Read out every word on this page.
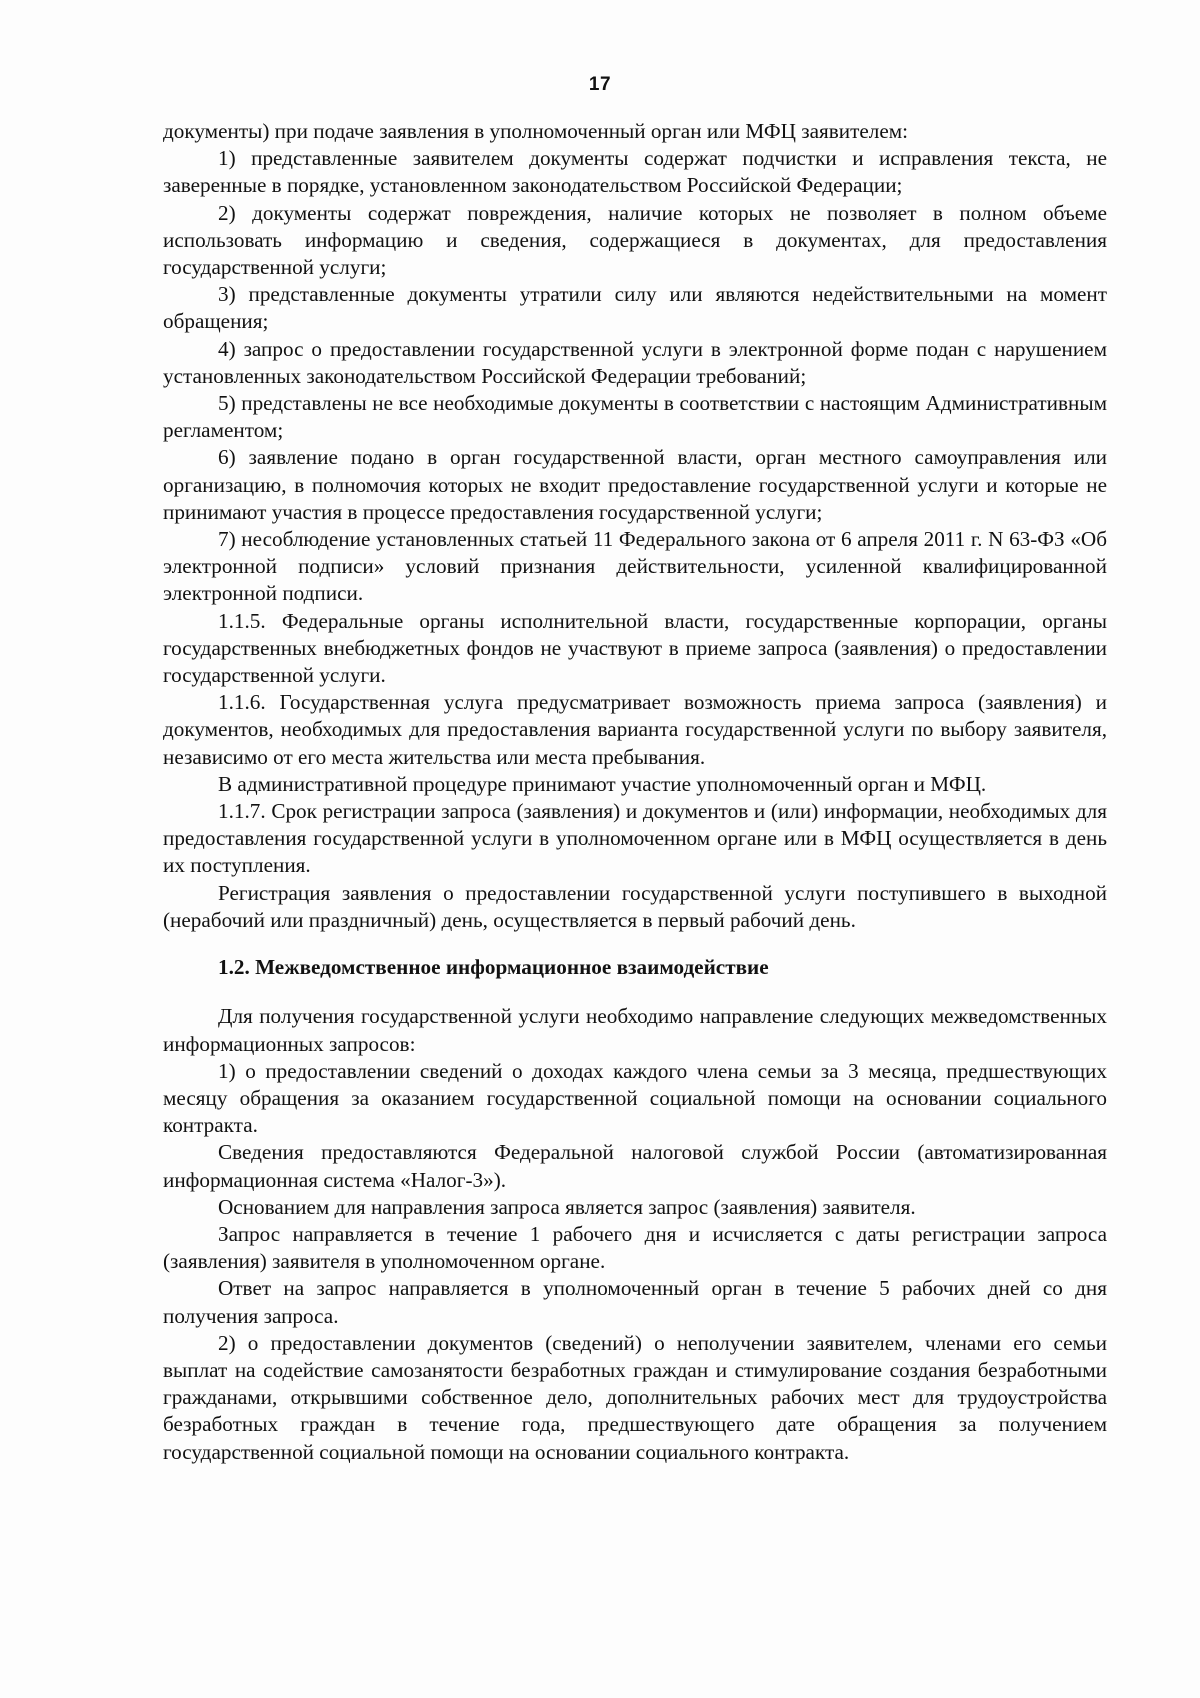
17

документы) при подаче заявления в уполномоченный орган или МФЦ заявителем:

1) представленные заявителем документы содержат подчистки и исправления текста, не заверенные в порядке, установленном законодательством Российской Федерации;

2) документы содержат повреждения, наличие которых не позволяет в полном объеме использовать информацию и сведения, содержащиеся в документах, для предоставления государственной услуги;

3) представленные документы утратили силу или являются недействительными на момент обращения;

4) запрос о предоставлении государственной услуги в электронной форме подан с нарушением установленных законодательством Российской Федерации требований;

5) представлены не все необходимые документы в соответствии с настоящим Административным регламентом;

6) заявление подано в орган государственной власти, орган местного самоуправления или организацию, в полномочия которых не входит предоставление государственной услуги и которые не принимают участия в процессе предоставления государственной услуги;

7) несоблюдение установленных статьей 11 Федерального закона от 6 апреля 2011 г. N 63-ФЗ «Об электронной подписи» условий признания действительности, усиленной квалифицированной электронной подписи.

1.1.5. Федеральные органы исполнительной власти, государственные корпорации, органы государственных внебюджетных фондов не участвуют в приеме запроса (заявления) о предоставлении государственной услуги.

1.1.6. Государственная услуга предусматривает возможность приема запроса (заявления) и документов, необходимых для предоставления варианта государственной услуги по выбору заявителя, независимо от его места жительства или места пребывания.

В административной процедуре принимают участие уполномоченный орган и МФЦ.

1.1.7. Срок регистрации запроса (заявления) и документов и (или) информации, необходимых для предоставления государственной услуги в уполномоченном органе или в МФЦ осуществляется в день их поступления.

Регистрация заявления о предоставлении государственной услуги поступившего в выходной (нерабочий или праздничный) день, осуществляется в первый рабочий день.

1.2. Межведомственное информационное взаимодействие

Для получения государственной услуги необходимо направление следующих межведомственных информационных запросов:

1) о предоставлении сведений о доходах каждого члена семьи за 3 месяца, предшествующих месяцу обращения за оказанием государственной социальной помощи на основании социального контракта.

Сведения предоставляются Федеральной налоговой службой России (автоматизированная информационная система «Налог-3»).

Основанием для направления запроса является запрос (заявления) заявителя.

Запрос направляется в течение 1 рабочего дня и исчисляется с даты регистрации запроса (заявления) заявителя в уполномоченном органе.

Ответ на запрос направляется в уполномоченный орган в течение 5 рабочих дней со дня получения запроса.

2) о предоставлении документов (сведений) о неполучении заявителем, членами его семьи выплат на содействие самозанятости безработных граждан и стимулирование создания безработными гражданами, открывшими собственное дело, дополнительных рабочих мест для трудоустройства безработных граждан в течение года, предшествующего дате обращения за получением государственной социальной помощи на основании социального контракта.
